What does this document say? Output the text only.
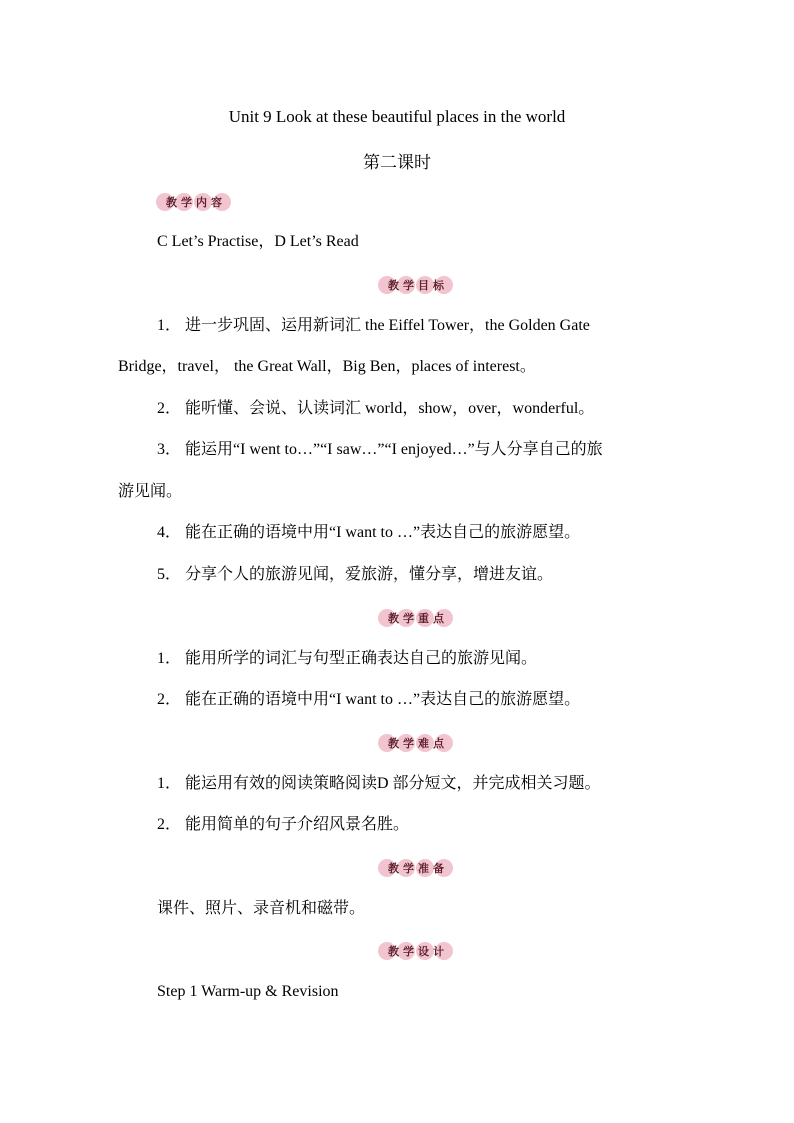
Unit 9 Look at these beautiful places in the world
第二课时
教学内容
C Let’s Practise，D Let’s Read
教学目标
1． 进一步巩固、运用新词汇 the Eiffel Tower，the Golden Gate
Bridge，travel， the Great Wall，Big Ben，places of interest。
2． 能听懂、会说、认读词汇 world，show，over，wonderful。
3． 能运用“I went to…”“I saw…”“I enjoyed…”与人分享自己的旅
游见闻。
4． 能在正确的语境中用“I want to …”表达自己的旅游愿望。
5． 分享个人的旅游见闻，爱旅游，懂分享，增进友谊。
教学重点
1． 能用所学的词汇与句型正确表达自己的旅游见闻。
2． 能在正确的语境中用“I want to …”表达自己的旅游愿望。
教学难点
1． 能运用有效的阅读策略阅读D 部分短文，并完成相关习题。
2． 能用简单的句子介绍风景名胜。
教学准备
课件、照片、录音机和磁带。
教学设计
Step 1 Warm-up & Revision
